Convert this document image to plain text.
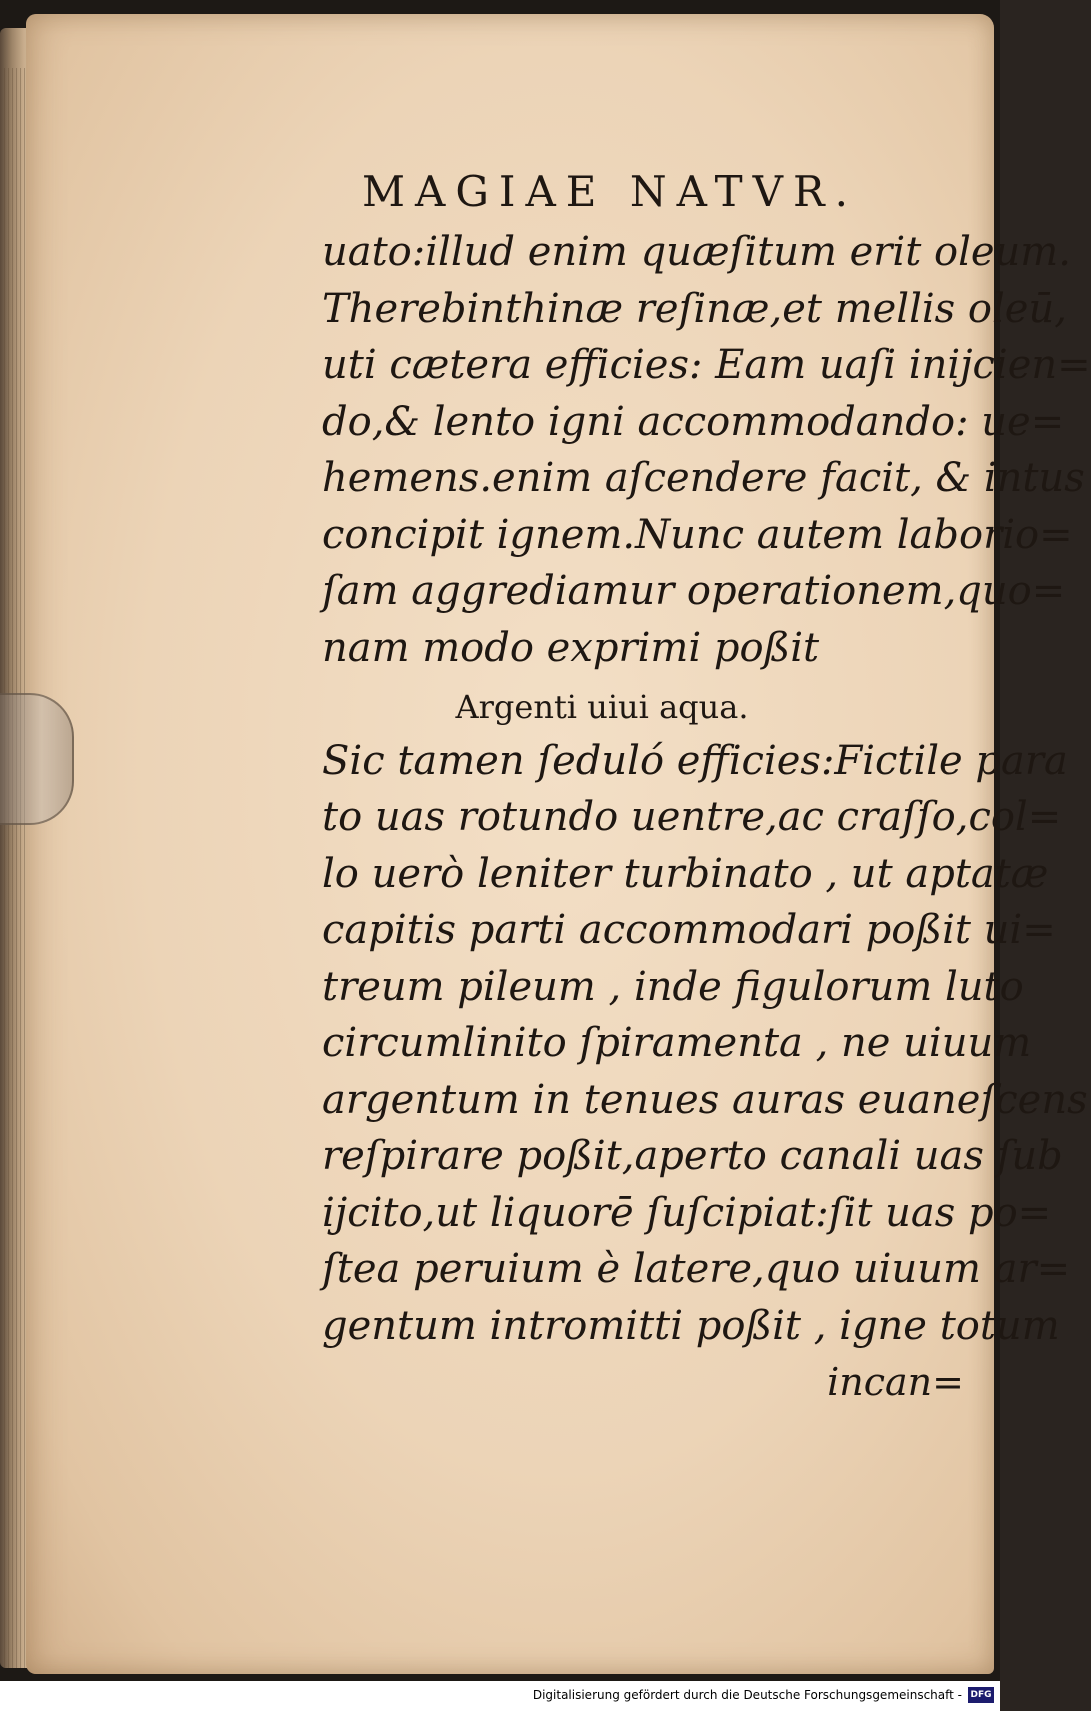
MAGIAE NATVR.
uato:illud enim quæſitum erit oleum.
Therebinthinæ reſinæ,et mellis oleū,
uti cætera efficies: Eam uaſi inijcien=
do,& lento igni accommodando: ue=
hemens.enim aſcendere facit, & intus
concipit ignem.Nunc autem laborio=
ſam aggrediamur operationem,quo=
nam modo exprimi poßit
Argenti uiui aqua.
Sic tamen ſeduló efficies:Fictile para
to uas rotundo uentre,ac craſſo,col=
lo uerò leniter turbinato , ut aptatæ
capitis parti accommodari poßit ui=
treum pileum , inde figulorum luto
circumlinito ſpiramenta , ne uiuum
argentum in tenues auras euaneſcens
reſpirare poßit,aperto canali uas ſub
ijcito,ut liquorē ſuſcipiat:ſit uas po=
ſtea peruium è latere,quo uiuum ar=
gentum intromitti poßit , igne totum
incan=
Digitalisierung gefördert durch die Deutsche Forschungsgemeinschaft - DFG
